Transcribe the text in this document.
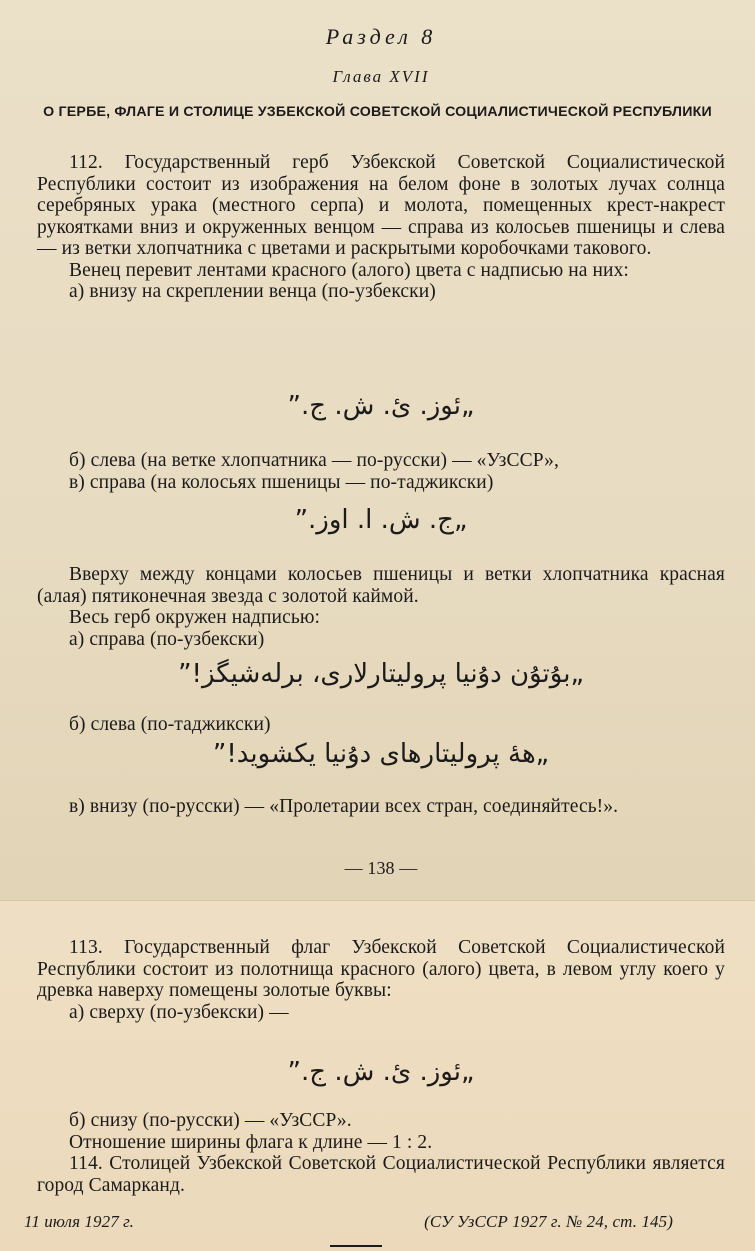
Раздел 8
Глава XVII
О ГЕРБЕ, ФЛАГЕ И СТОЛИЦЕ УЗБЕКСКОЙ СОВЕТСКОЙ СОЦИАЛИСТИЧЕСКОЙ РЕСПУБЛИКИ

112. Государственный герб Узбекской Советской Социалистической Республики состоит из изображения на белом фоне в золотых лучах солнца серебряных урака (местного серпа) и молота, помещенных крест-накрест рукоятками вниз и окруженных венцом — справа из колосьев пшеницы и слева — из ветки хлопчатника с цветами и раскрытыми коробочками такового.

Венец перевит лентами красного (алого) цвета с надписью на них:

а) внизу на скреплении венца (по-узбекски)

„ئوز. ئ. ش. ج.”

б) слева (на ветке хлопчатника — по-русски) — «УзССР»,

в) справа (на колосьях пшеницы — по-таджикски)

„ج. ش. ا. اوز.”

Вверху между концами колосьев пшеницы и ветки хлопчатника красная (алая) пятиконечная звезда с золотой каймой.

Весь герб окружен надписью:

а) справа (по-узбекски)

„بۇتۇن دۇنيا پرولیتارلاری، برلەشیگز!”

б) слева (по-таджикски)

„ههٔ پرولیتارهای دۇنیا یکشوید!”

в) внизу (по-русски) — «Пролетарии всех стран, соединяйтесь!».

— 138 —

113. Государственный флаг Узбекской Советской Социалистической Республики состоит из полотнища красного (алого) цвета, в левом углу коего у древка наверху помещены золотые буквы:

а) сверху (по-узбекски) —

„ئوز. ئ. ش. ج.”

б) снизу (по-русски) — «УзССР».

Отношение ширины флага к длине — 1 : 2.

114. Столицей Узбекской Советской Социалистической Республики является город Самарканд.

11 июля 1927 г.	(СУ УзССР 1927 г. № 24, ст. 145)
